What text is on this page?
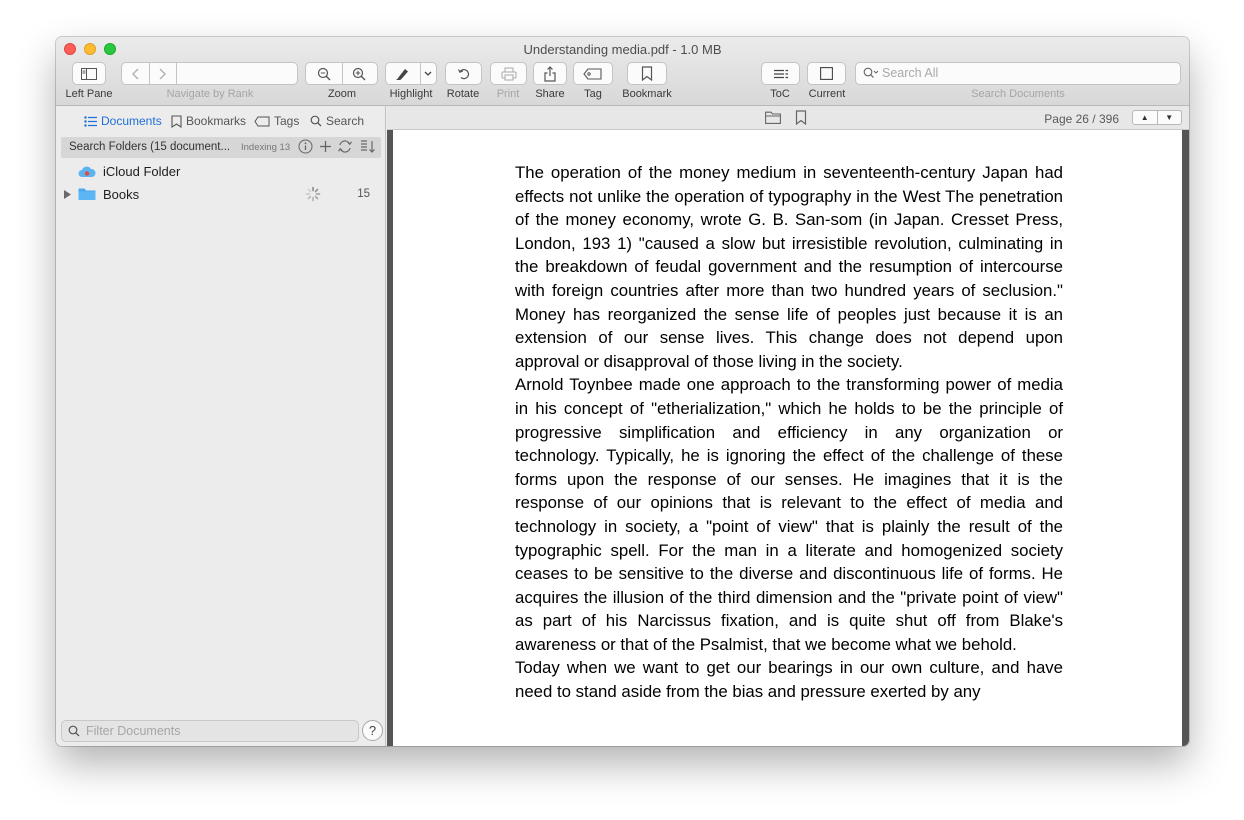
Understanding media.pdf - 1.0 MB
Left Pane	Navigate by Rank	Zoom	Highlight	Rotate	Print	Share	Tag	Bookmark	ToC	Current
Search All
Search Documents
Documents Bookmarks Tags Search
Search Folders (15 document... Indexing 13
iCloud Folder
Books	15
Filter Documents	?
Page 26 / 396	▲	▼

The operation of the money medium in seventeenth-century Japan had effects not unlike the operation of typography in the West The penetration of the money economy, wrote G. B. San-som (in Japan. Cresset Press, London, 193 1) "caused a slow but irresistible revolution, culminating in the breakdown of feudal government and the resumption of intercourse with foreign countries after more than two hundred years of seclusion." Money has reorganized the sense life of peoples just because it is an extension of our sense lives. This change does not depend upon approval or disapproval of those living in the society.

Arnold Toynbee made one approach to the transforming power of media in his concept of "etherialization," which he holds to be the principle of progressive simplification and efficiency in any organization or technology. Typically, he is ignoring the effect of the challenge of these forms upon the response of our senses. He imagines that it is the response of our opinions that is relevant to the effect of media and technology in society, a "point of view" that is plainly the result of the typographic spell. For the man in a literate and homogenized society ceases to be sensitive to the diverse and discontinuous life of forms. He acquires the illusion of the third dimension and the "private point of view" as part of his Narcissus fixation, and is quite shut off from Blake's awareness or that of the Psalmist, that we become what we behold.

Today when we want to get our bearings in our own culture, and have need to stand aside from the bias and pressure exerted by any
